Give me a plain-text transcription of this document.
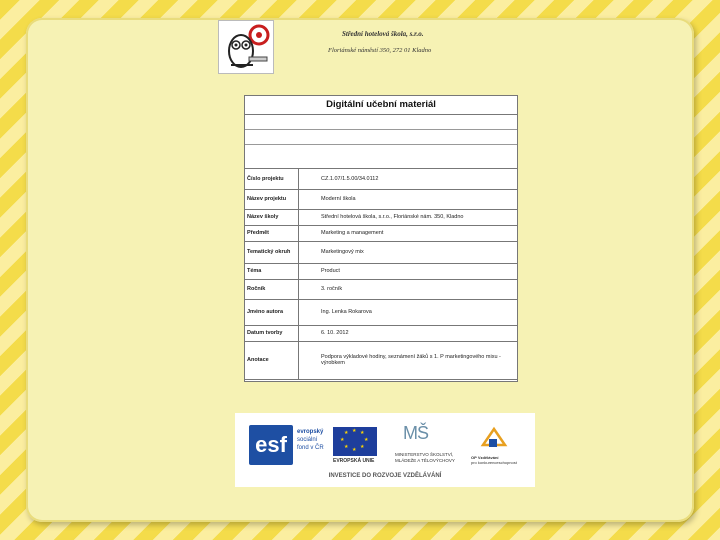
Střední hotelová škola, s.r.o.
Floriánské náměstí 350, 272 01 Kladno
Digitální učební materiál
Číslo projektu	CZ.1.07/1.5.00/34.0112
Název projektu	Moderní škola
Název školy	Střední hotelová škola, s.r.o., Floriánské nám. 350, Kladno
Předmět	Marketing a management
Tematický okruh	Marketingový mix
Téma	Product
Ročník	3. ročník
Jméno autora	Ing. Lenka Rokarova
Datum tvorby	6. 10. 2012
Anotace	Podpora výkladové hodiny, seznámení žáků s 1. P marketingového mixu - výrobkem
esf	evropský
sociální
fond v ČR
★ ★
★
★
★
★
★
★
EVROPSKÁ UNIE
MŠ
MINISTERSTVO ŠKOLSTVÍ,
MLÁDEŽE A TĚLOVÝCHOVY
OP Vzdělávání
pro konkurenceschopnost
INVESTICE DO ROZVOJE VZDĚLÁVÁNÍ
